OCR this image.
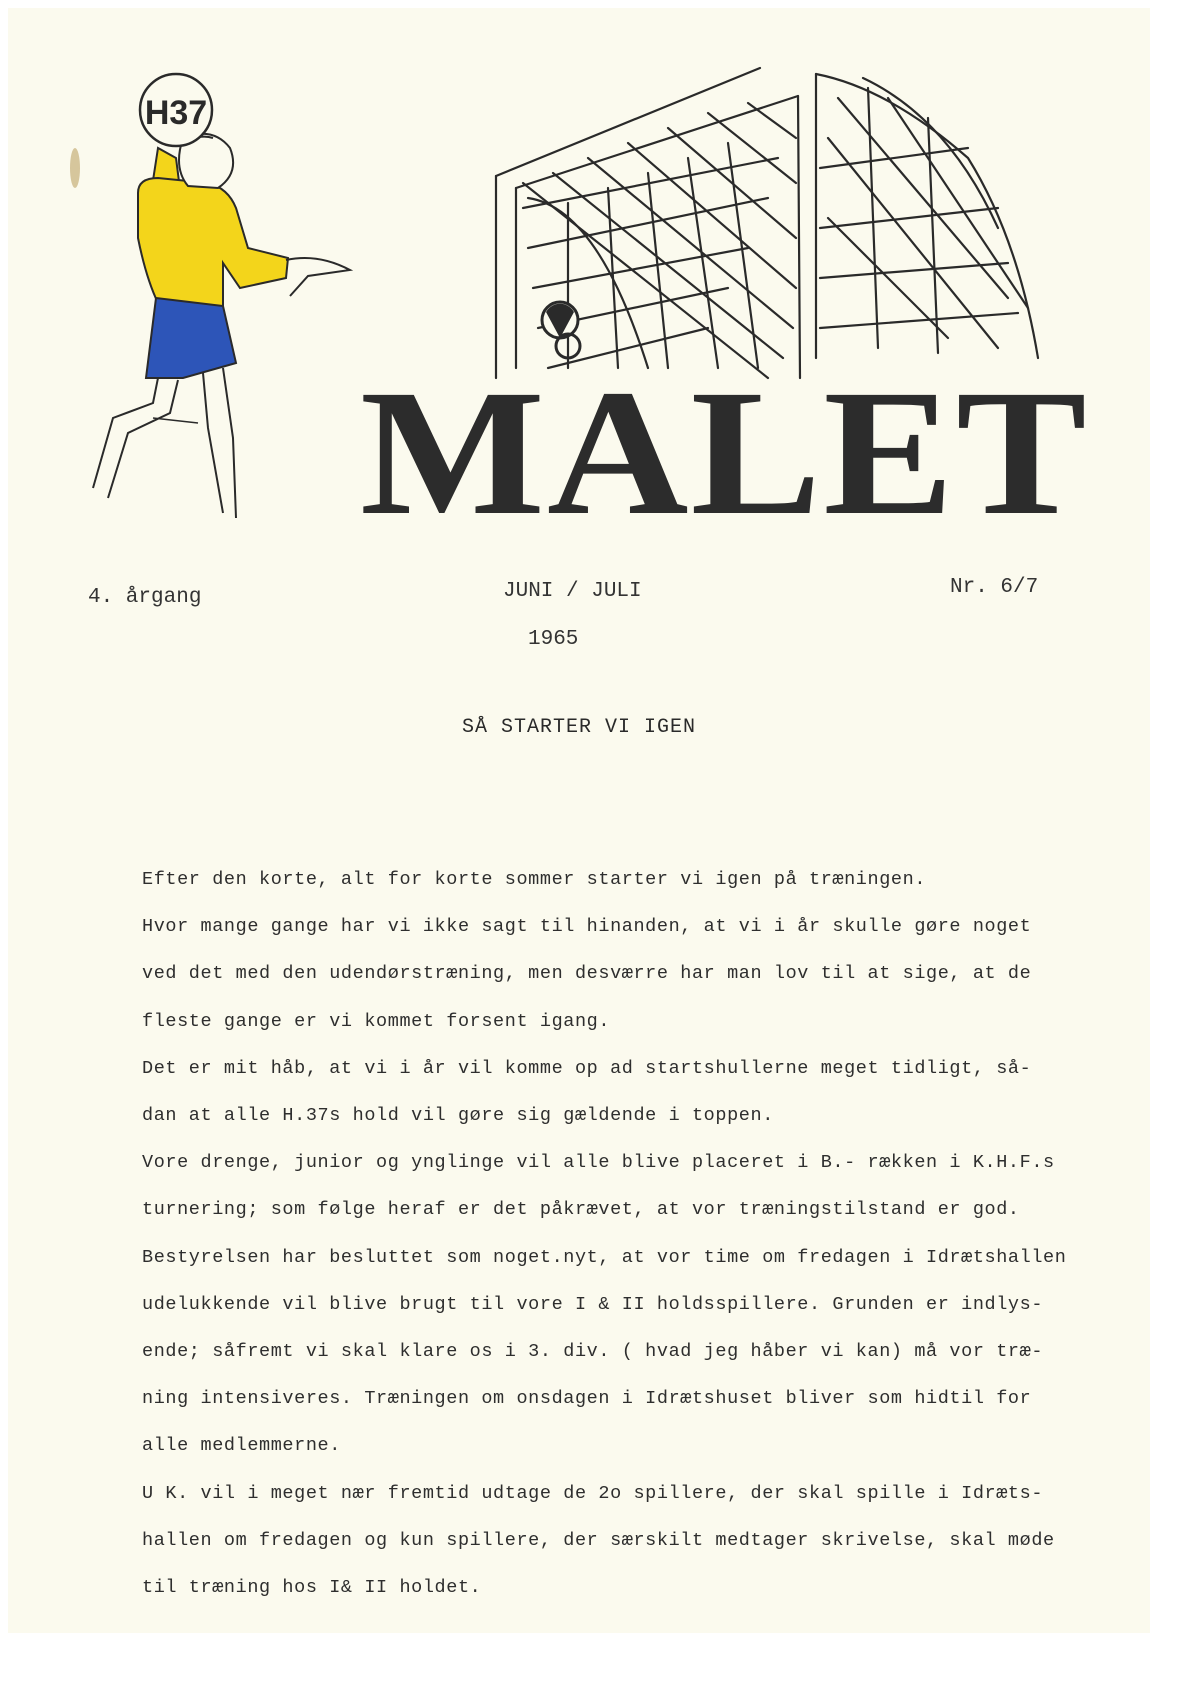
H37
MALET
4. årgang	JUNI / JULI	Nr. 6/7
1965
SÅ STARTER VI IGEN

Efter den korte, alt for korte sommer starter vi igen på træningen.

Hvor mange gange har vi ikke sagt til hinanden, at vi i år skulle gøre noget

ved det med den udendørstræning, men desværre har man lov til at sige, at de

fleste gange er vi kommet forsent igang.

Det er mit håb, at vi i år vil komme op ad startshullerne meget tidligt, så-

dan at alle H.37s hold vil gøre sig gældende i toppen.

Vore drenge, junior og ynglinge vil alle blive placeret i B.- rækken i K.H.F.s

turnering; som følge heraf er det påkrævet, at vor træningstilstand er god.

Bestyrelsen har besluttet som noget.nyt, at vor time om fredagen i Idrætshallen

udelukkende vil blive brugt til vore I & II holdsspillere. Grunden er indlys-

ende; såfremt vi skal klare os i 3. div. ( hvad jeg håber vi kan) må vor træ-

ning intensiveres. Træningen om onsdagen i Idrætshuset bliver som hidtil for

alle medlemmerne.

U K. vil i meget nær fremtid udtage de 2o spillere, der skal spille i Idræts-

hallen om fredagen og kun spillere, der særskilt medtager skrivelse, skal møde

til træning hos I& II holdet.
